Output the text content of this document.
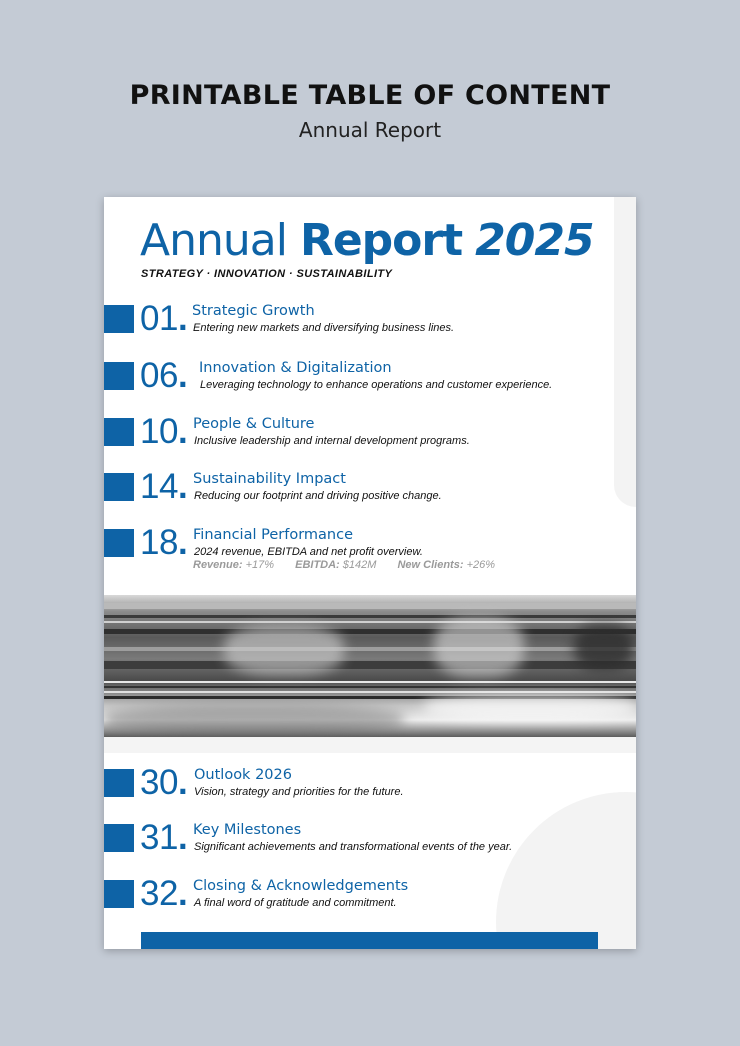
PRINTABLE TABLE OF CONTENT
Annual Report
Annual Report 2025
STRATEGY · INNOVATION · SUSTAINABILITY
01. Strategic Growth
Entering new markets and diversifying business lines.
06. Innovation & Digitalization
Leveraging technology to enhance operations and customer experience.
10. People & Culture
Inclusive leadership and internal development programs.
14. Sustainability Impact
Reducing our footprint and driving positive change.
18. Financial Performance
2024 revenue, EBITDA and net profit overview.
Revenue: +17% EBITDA: $142M New Clients: +26%
30. Outlook 2026
Vision, strategy and priorities for the future.
31. Key Milestones
Significant achievements and transformational events of the year.
32. Closing & Acknowledgements
A final word of gratitude and commitment.
